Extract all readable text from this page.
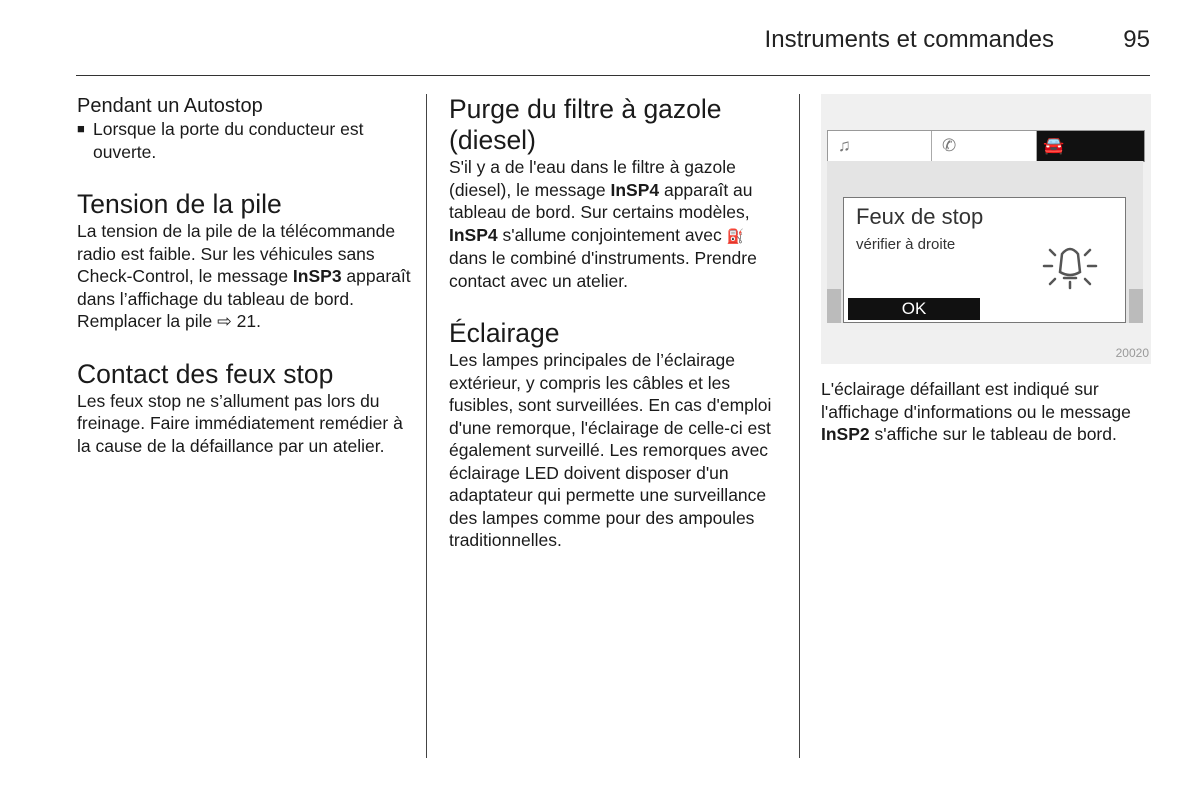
Instruments et commandes	95
Pendant un Autostop
■ Lorsque la porte du conducteur est ouverte.

Tension de la pile

La tension de la pile de la télécommande radio est faible. Sur les véhicules sans Check-Control, le message InSP3 apparaît dans l’affichage du tableau de bord. Remplacer la pile ⇨ 21.

Contact des feux stop

Les feux stop ne s’allument pas lors du freinage. Faire immédiatement remédier à la cause de la défaillance par un atelier.

Purge du filtre à gazole (diesel)

S'il y a de l'eau dans le filtre à gazole (diesel), le message InSP4 apparaît au tableau de bord. Sur certains modèles, InSP4 s'allume conjointement avec ⛽ dans le combiné d'instruments. Prendre contact avec un atelier.

Éclairage

Les lampes principales de l’éclairage extérieur, y compris les câbles et les fusibles, sont surveillées. En cas d'emploi d'une remorque, l'éclairage de celle-ci est également surveillé. Les remorques avec éclairage LED doivent disposer d'un adaptateur qui permette une surveillance des lampes comme pour des ampoules traditionnelles.

♫	✆	🚘
Feux de stop
vérifier à droite
OK
20020

L'éclairage défaillant est indiqué sur l'affichage d'informations ou le message InSP2 s'affiche sur le tableau de bord.
